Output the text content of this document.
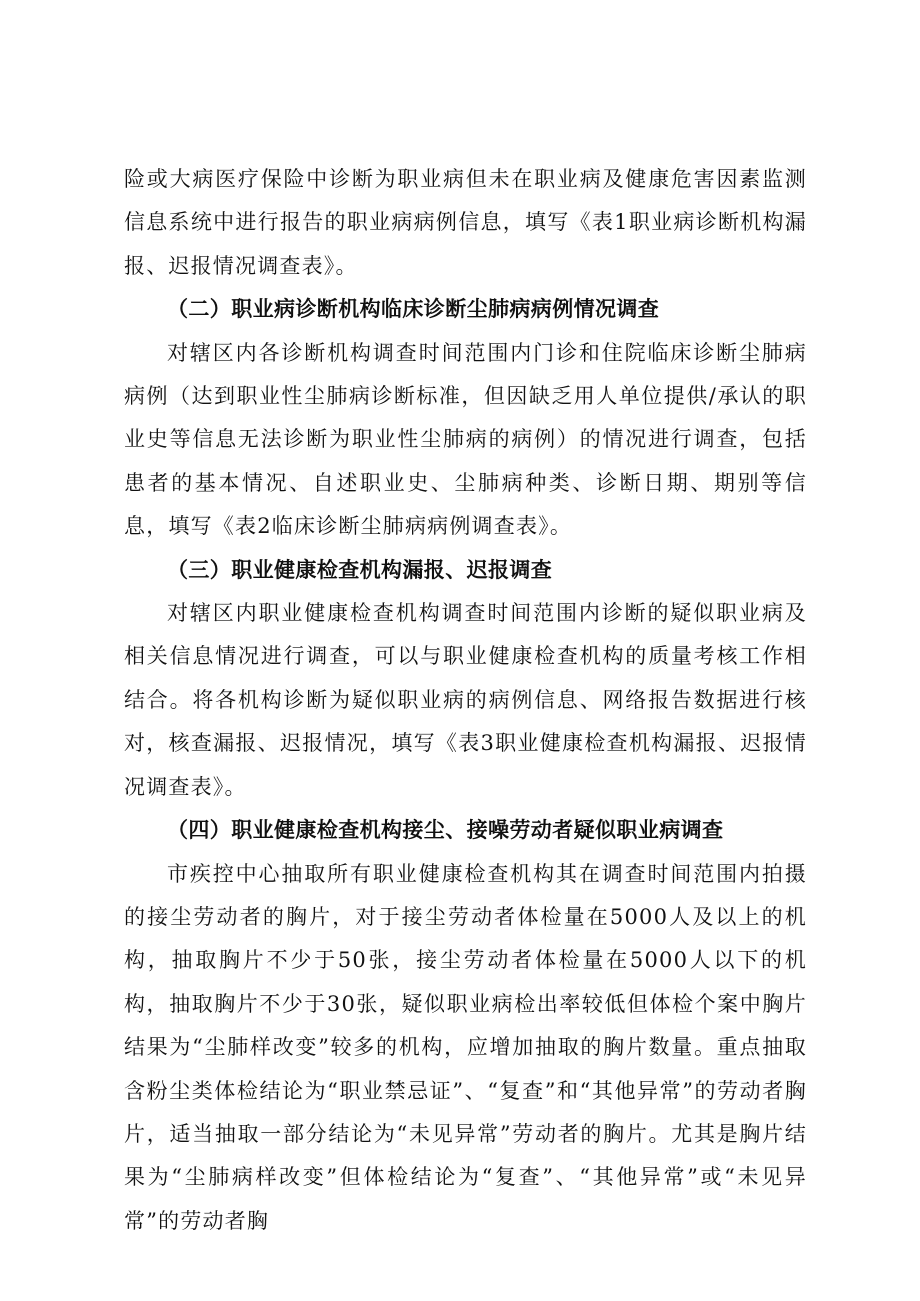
险或大病医疗保险中诊断为职业病但未在职业病及健康危害因素监测信息系统中进行报告的职业病病例信息，填写《表1职业病诊断机构漏报、迟报情况调查表》。

（二）职业病诊断机构临床诊断尘肺病病例情况调查

对辖区内各诊断机构调查时间范围内门诊和住院临床诊断尘肺病病例（达到职业性尘肺病诊断标准，但因缺乏用人单位提供/承认的职业史等信息无法诊断为职业性尘肺病的病例）的情况进行调查，包括患者的基本情况、自述职业史、尘肺病种类、诊断日期、期别等信息，填写《表2临床诊断尘肺病病例调查表》。

（三）职业健康检查机构漏报、迟报调查

对辖区内职业健康检查机构调查时间范围内诊断的疑似职业病及相关信息情况进行调查，可以与职业健康检查机构的质量考核工作相结合。将各机构诊断为疑似职业病的病例信息、网络报告数据进行核对，核查漏报、迟报情况，填写《表3职业健康检查机构漏报、迟报情况调查表》。

（四）职业健康检查机构接尘、接噪劳动者疑似职业病调查

市疾控中心抽取所有职业健康检查机构其在调查时间范围内拍摄的接尘劳动者的胸片，对于接尘劳动者体检量在5000人及以上的机构，抽取胸片不少于50张，接尘劳动者体检量在5000人以下的机构，抽取胸片不少于30张，疑似职业病检出率较低但体检个案中胸片结果为“尘肺样改变”较多的机构，应增加抽取的胸片数量。重点抽取含粉尘类体检结论为“职业禁忌证”、“复查”和“其他异常”的劳动者胸片，适当抽取一部分结论为“未见异常”劳动者的胸片。尤其是胸片结果为“尘肺病样改变”但体检结论为“复查”、“其他异常”或“未见异常”的劳动者胸
